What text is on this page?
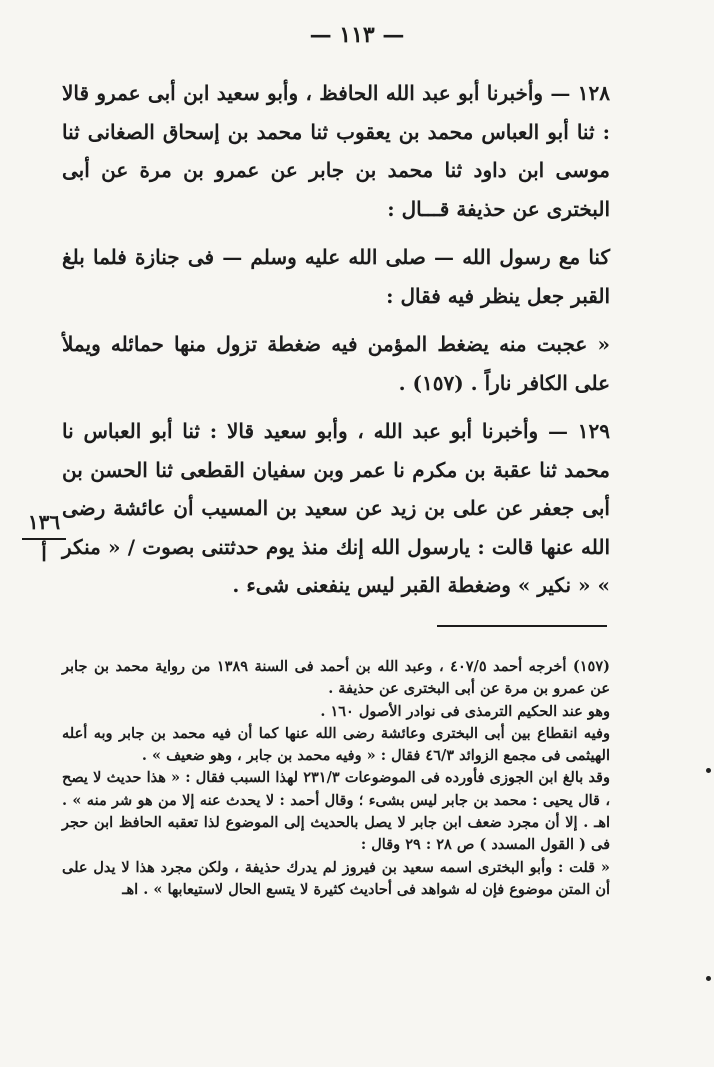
— ١١٣ —

١٢٨ — وأخبرنا أبو عبد الله الحافظ ، وأبو سعيد ابن أبى عمرو قالا : ثنا أبو العباس محمد بن يعقوب ثنا محمد بن إسحاق الصغانى ثنا موسى ابن داود ثنا محمد بن جابر عن عمرو بن مرة عن أبى البخترى عن حذيفة قـــال :

كنا مع رسول الله — صلى الله عليه وسلم — فى جنازة فلما بلغ القبر جعل ينظر فيه فقال :

« عجبت منه يضغط المؤمن فيه ضغطة تزول منها حمائله ويملأ على الكافر ناراً . (١٥٧) .

١٢٩ — وأخبرنا أبو عبد الله ، وأبو سعيد قالا : ثنا أبو العباس نا محمد ثنا عقبة بن مكرم نا عمر وبن سفيان القطعى ثنا الحسن بن أبى جعفر عن على بن زيد عن سعيد بن المسيب أن عائشة رضى الله عنها قالت : يارسول الله إنك منذ يوم حدثتنى بصوت / « منكر » « نكير » وضغطة القبر ليس ينفعنى شىء .

١٣٦
أ

(١٥٧) أخرجه أحمد ٤٠٧/٥ ، وعبد الله بن أحمد فى السنة ١٣٨٩ من رواية محمد بن جابر عن عمرو بن مرة عن أبى البخترى عن حذيفة .

وهو عند الحكيم الترمذى فى نوادر الأصول ١٦٠ .

وفيه انقطاع بين أبى البخترى وعائشة رضى الله عنها كما أن فيه محمد بن جابر وبه أعله الهيثمى فى مجمع الزوائد ٤٦/٣ فقال : « وفيه محمد بن جابر ، وهو ضعيف » .

وقد بالغ ابن الجوزى فأورده فى الموضوعات ٢٣١/٣ لهذا السبب فقال : « هذا حديث لا يصح ، قال يحيى : محمد بن جابر ليس بشىء ؛ وقال أحمد : لا يحدث عنه إلا من هو شر منه » . اهـ . إلا أن مجرد ضعف ابن جابر لا يصل بالحديث إلى الموضوع لذا تعقبه الحافظ ابن حجر فى ( القول المسدد ) ص ٢٨ : ٢٩ وقال :

« قلت : وأبو البخترى اسمه سعيد بن فيروز لم يدرك حذيفة ، ولكن مجرد هذا لا يدل على أن المتن موضوع فإن له شواهد فى أحاديث كثيرة لا يتسع الحال لاستيعابها » . اهـ
